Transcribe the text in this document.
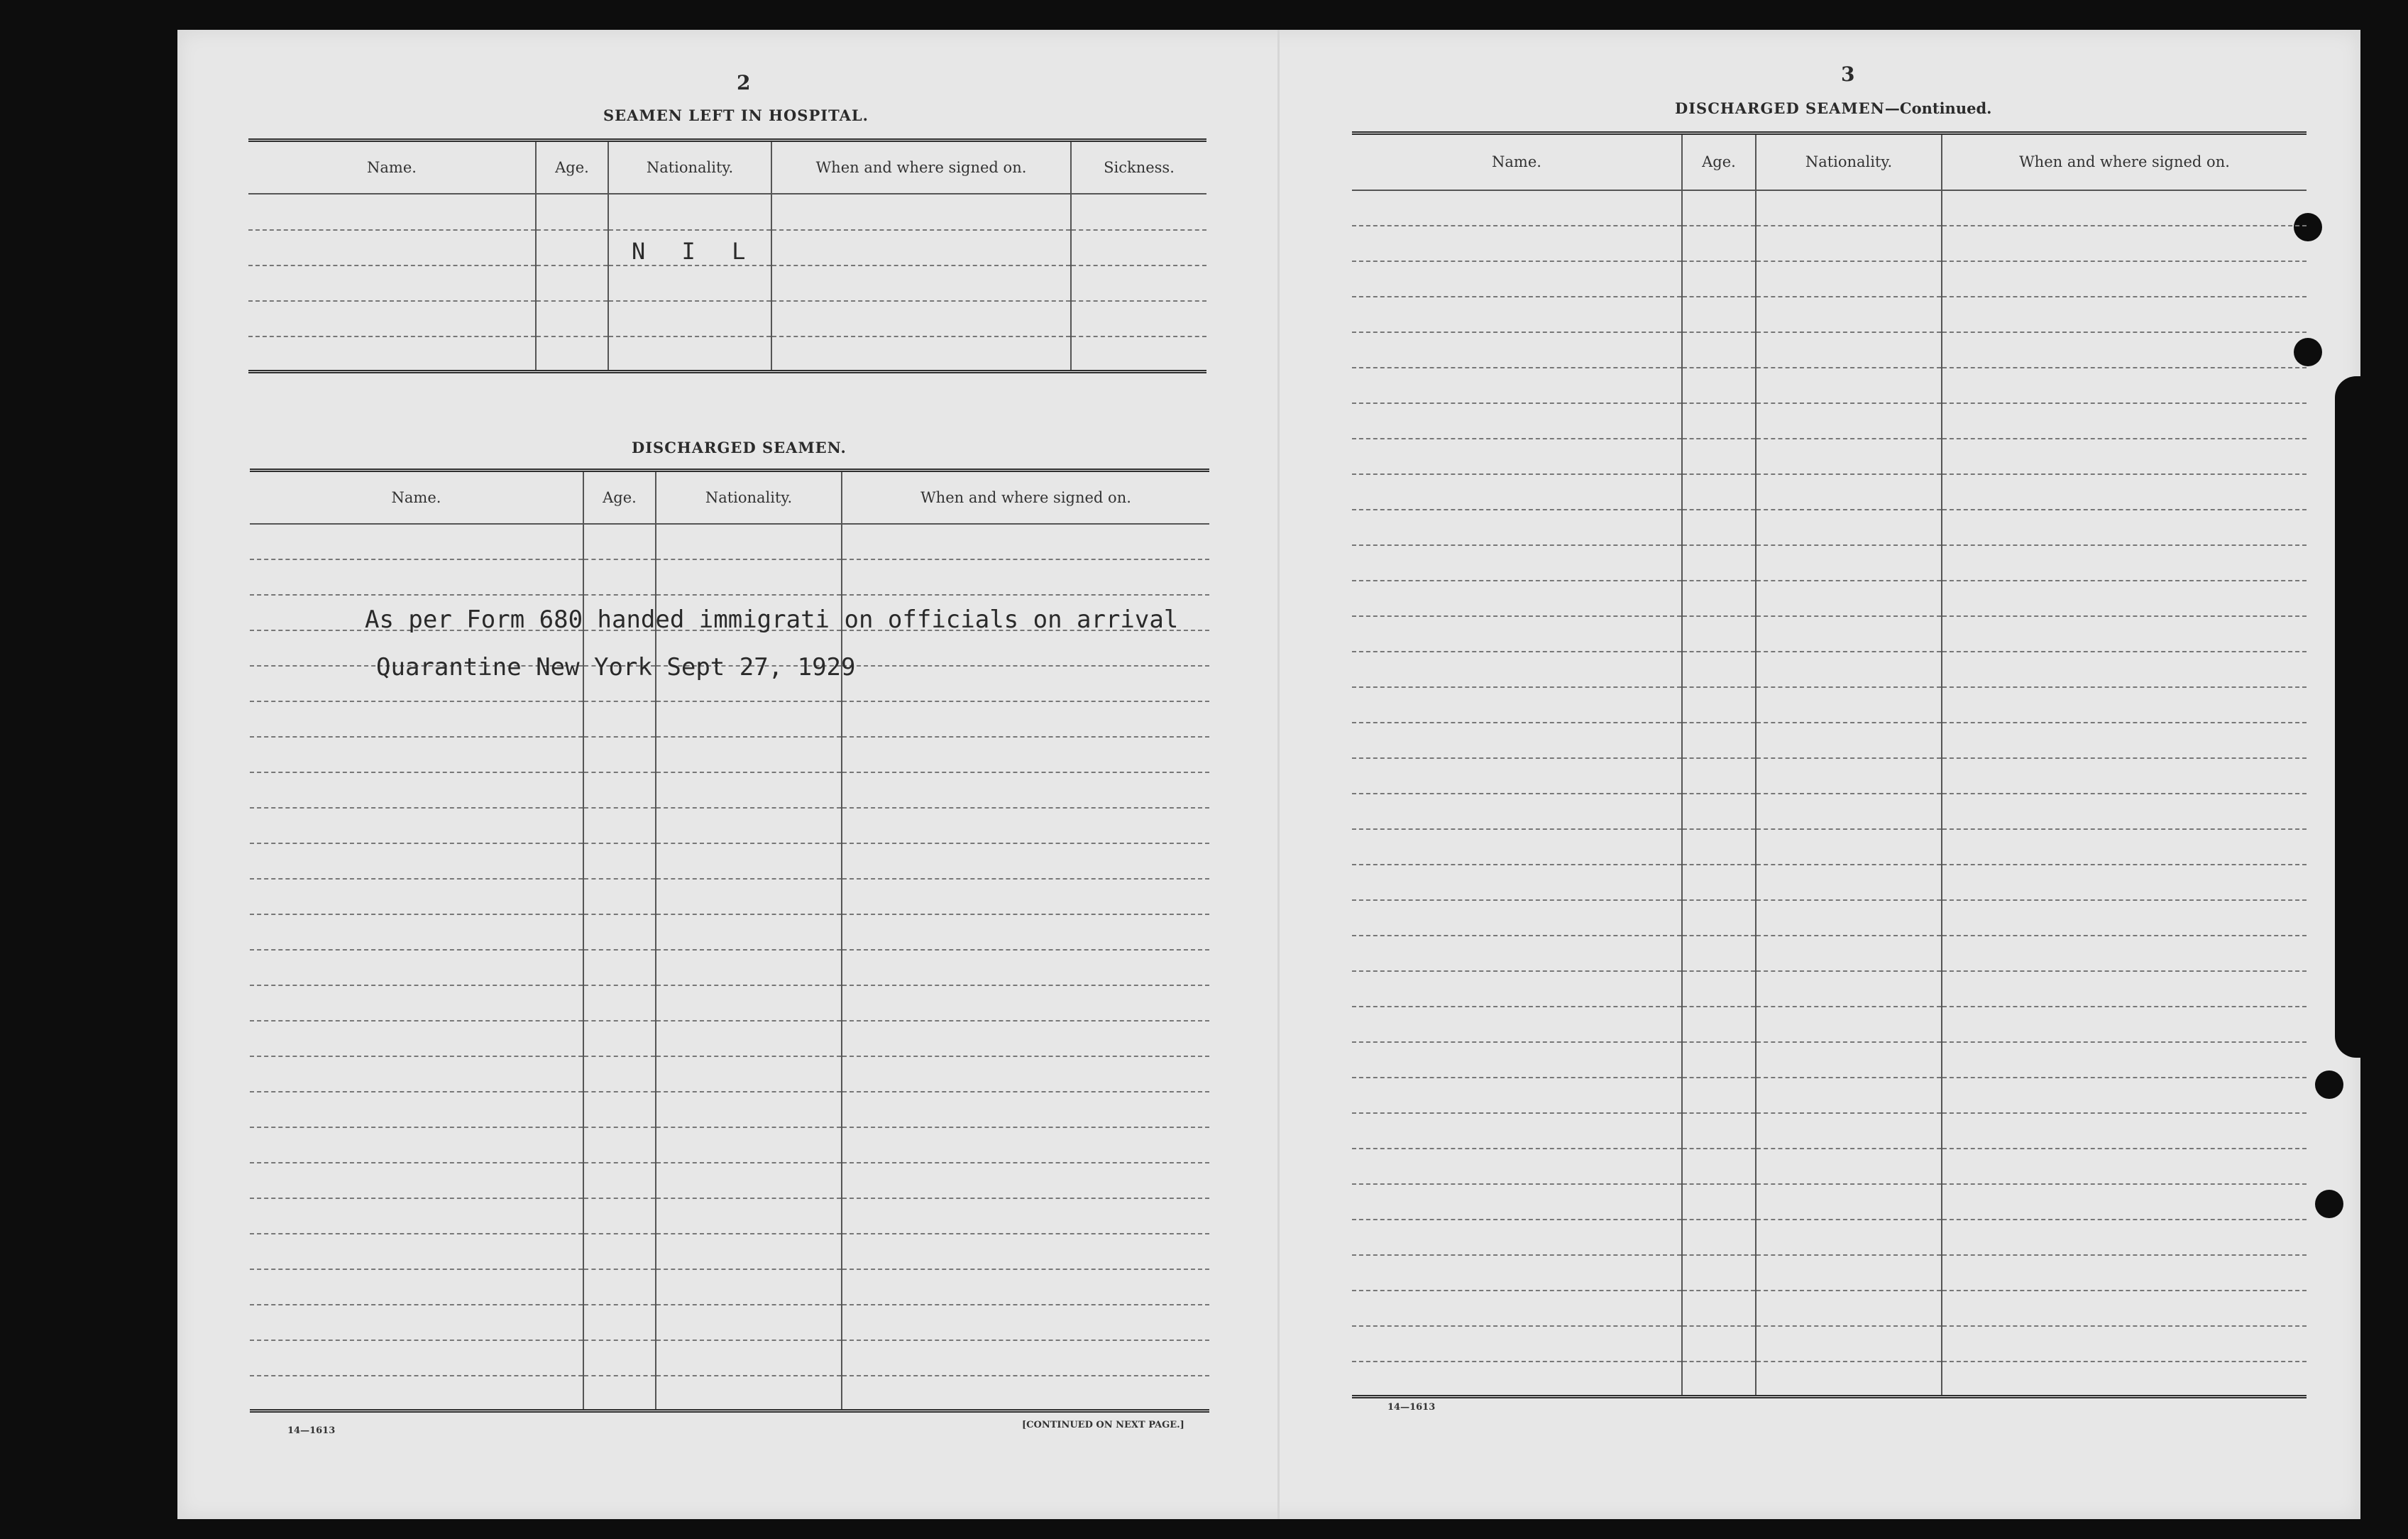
2
SEAMEN LEFT IN HOSPITAL.
Name.	Age.	Nationality.	When and where signed on.	Sickness.

N I L
DISCHARGED SEAMEN.
Name.	Age.	Nationality.	When and where signed on.

As per Form 680 handed immigrati on officials on arrival
Quarantine New York Sept 27, 1929
14—1613
[CONTINUED ON NEXT PAGE.]
3
DISCHARGED SEAMEN—Continued.
Name.	Age.	Nationality.	When and where signed on.

14—1613
